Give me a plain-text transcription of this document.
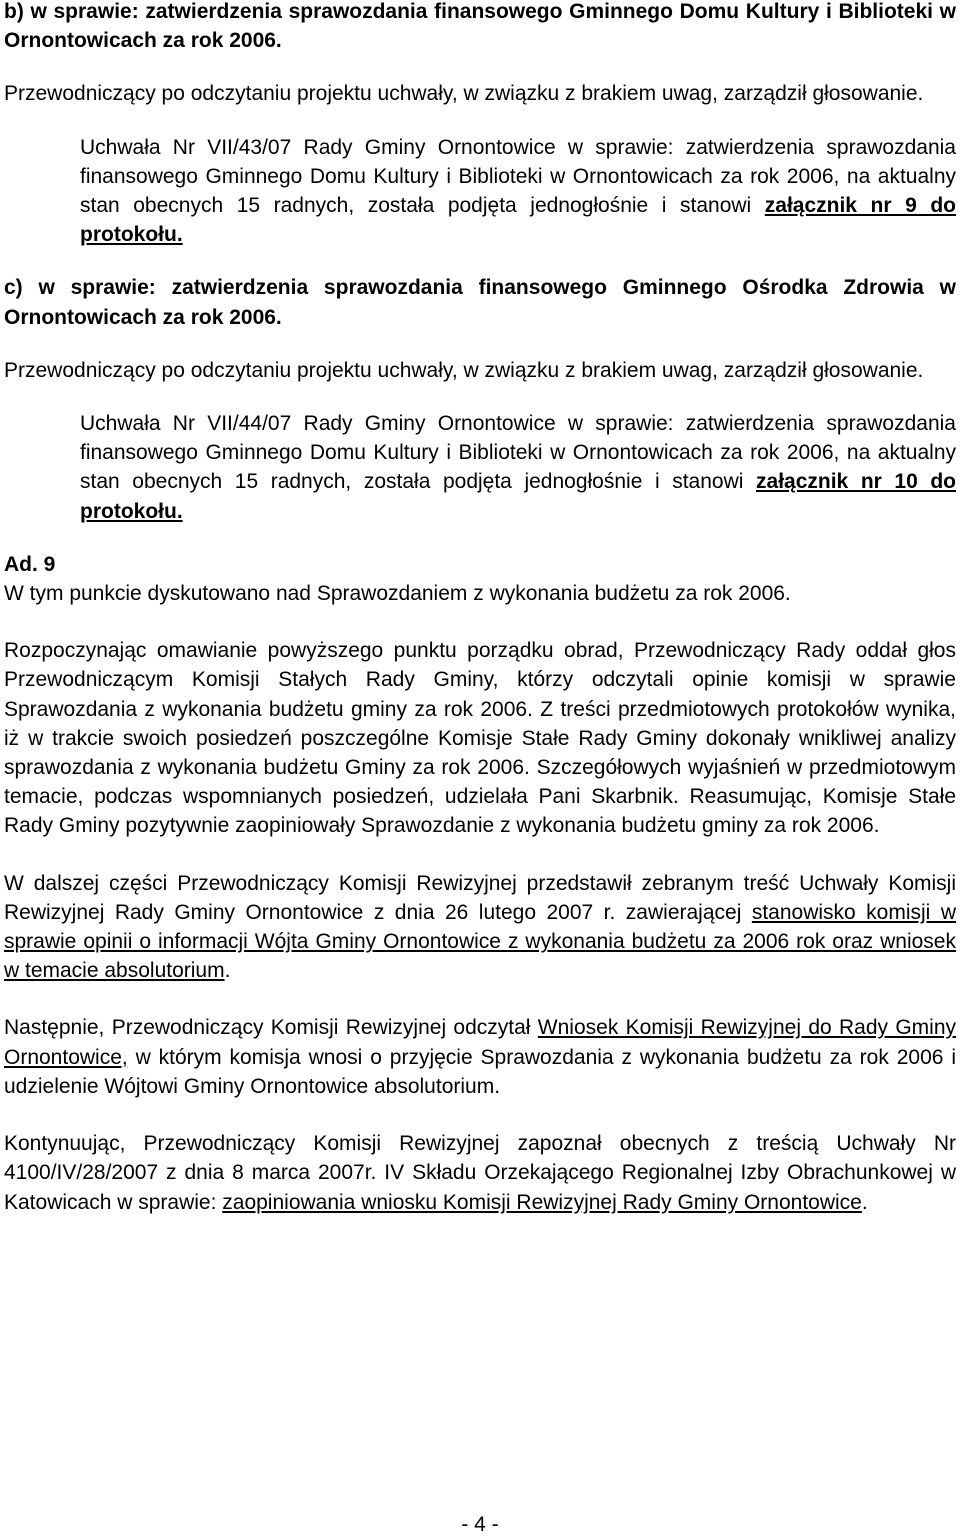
b) w sprawie: zatwierdzenia sprawozdania finansowego Gminnego Domu Kultury i Biblioteki w Ornontowicach za rok 2006.

Przewodniczący po odczytaniu projektu uchwały, w związku z brakiem uwag, zarządził głosowanie.

Uchwała Nr VII/43/07 Rady Gminy Ornontowice w sprawie: zatwierdzenia sprawozdania finansowego Gminnego Domu Kultury i Biblioteki w Ornontowicach za rok 2006, na aktualny stan obecnych 15 radnych, została podjęta jednogłośnie i stanowi załącznik nr 9 do protokołu.

c) w sprawie: zatwierdzenia sprawozdania finansowego Gminnego Ośrodka Zdrowia w Ornontowicach za rok 2006.

Przewodniczący po odczytaniu projektu uchwały, w związku z brakiem uwag, zarządził głosowanie.

Uchwała Nr VII/44/07 Rady Gminy Ornontowice w sprawie: zatwierdzenia sprawozdania finansowego Gminnego Domu Kultury i Biblioteki w Ornontowicach za rok 2006, na aktualny stan obecnych 15 radnych, została podjęta jednogłośnie i stanowi załącznik nr 10 do protokołu.

Ad. 9

W tym punkcie dyskutowano nad Sprawozdaniem z wykonania budżetu za rok 2006.

Rozpoczynając omawianie powyższego punktu porządku obrad, Przewodniczący Rady oddał głos Przewodniczącym Komisji Stałych Rady Gminy, którzy odczytali opinie komisji w sprawie Sprawozdania z wykonania budżetu gminy za rok 2006. Z treści przedmiotowych protokołów wynika, iż w trakcie swoich posiedzeń poszczególne Komisje Stałe Rady Gminy dokonały wnikliwej analizy sprawozdania z wykonania budżetu Gminy za rok 2006. Szczegółowych wyjaśnień w przedmiotowym temacie, podczas wspomnianych posiedzeń, udzielała Pani Skarbnik. Reasumując, Komisje Stałe Rady Gminy pozytywnie zaopiniowały Sprawozdanie z wykonania budżetu gminy za rok 2006.

W dalszej części Przewodniczący Komisji Rewizyjnej przedstawił zebranym treść Uchwały Komisji Rewizyjnej Rady Gminy Ornontowice z dnia 26 lutego 2007 r. zawierającej stanowisko komisji w sprawie opinii o informacji Wójta Gminy Ornontowice z wykonania budżetu za 2006 rok oraz wniosek w temacie absolutorium.

Następnie, Przewodniczący Komisji Rewizyjnej odczytał Wniosek Komisji Rewizyjnej do Rady Gminy Ornontowice, w którym komisja wnosi o przyjęcie Sprawozdania z wykonania budżetu za rok 2006 i udzielenie Wójtowi Gminy Ornontowice absolutorium.

Kontynuując, Przewodniczący Komisji Rewizyjnej zapoznał obecnych z treścią Uchwały Nr 4100/IV/28/2007 z dnia 8 marca 2007r. IV Składu Orzekającego Regionalnej Izby Obrachunkowej w Katowicach w sprawie: zaopiniowania wniosku Komisji Rewizyjnej Rady Gminy Ornontowice.

- 4 -
